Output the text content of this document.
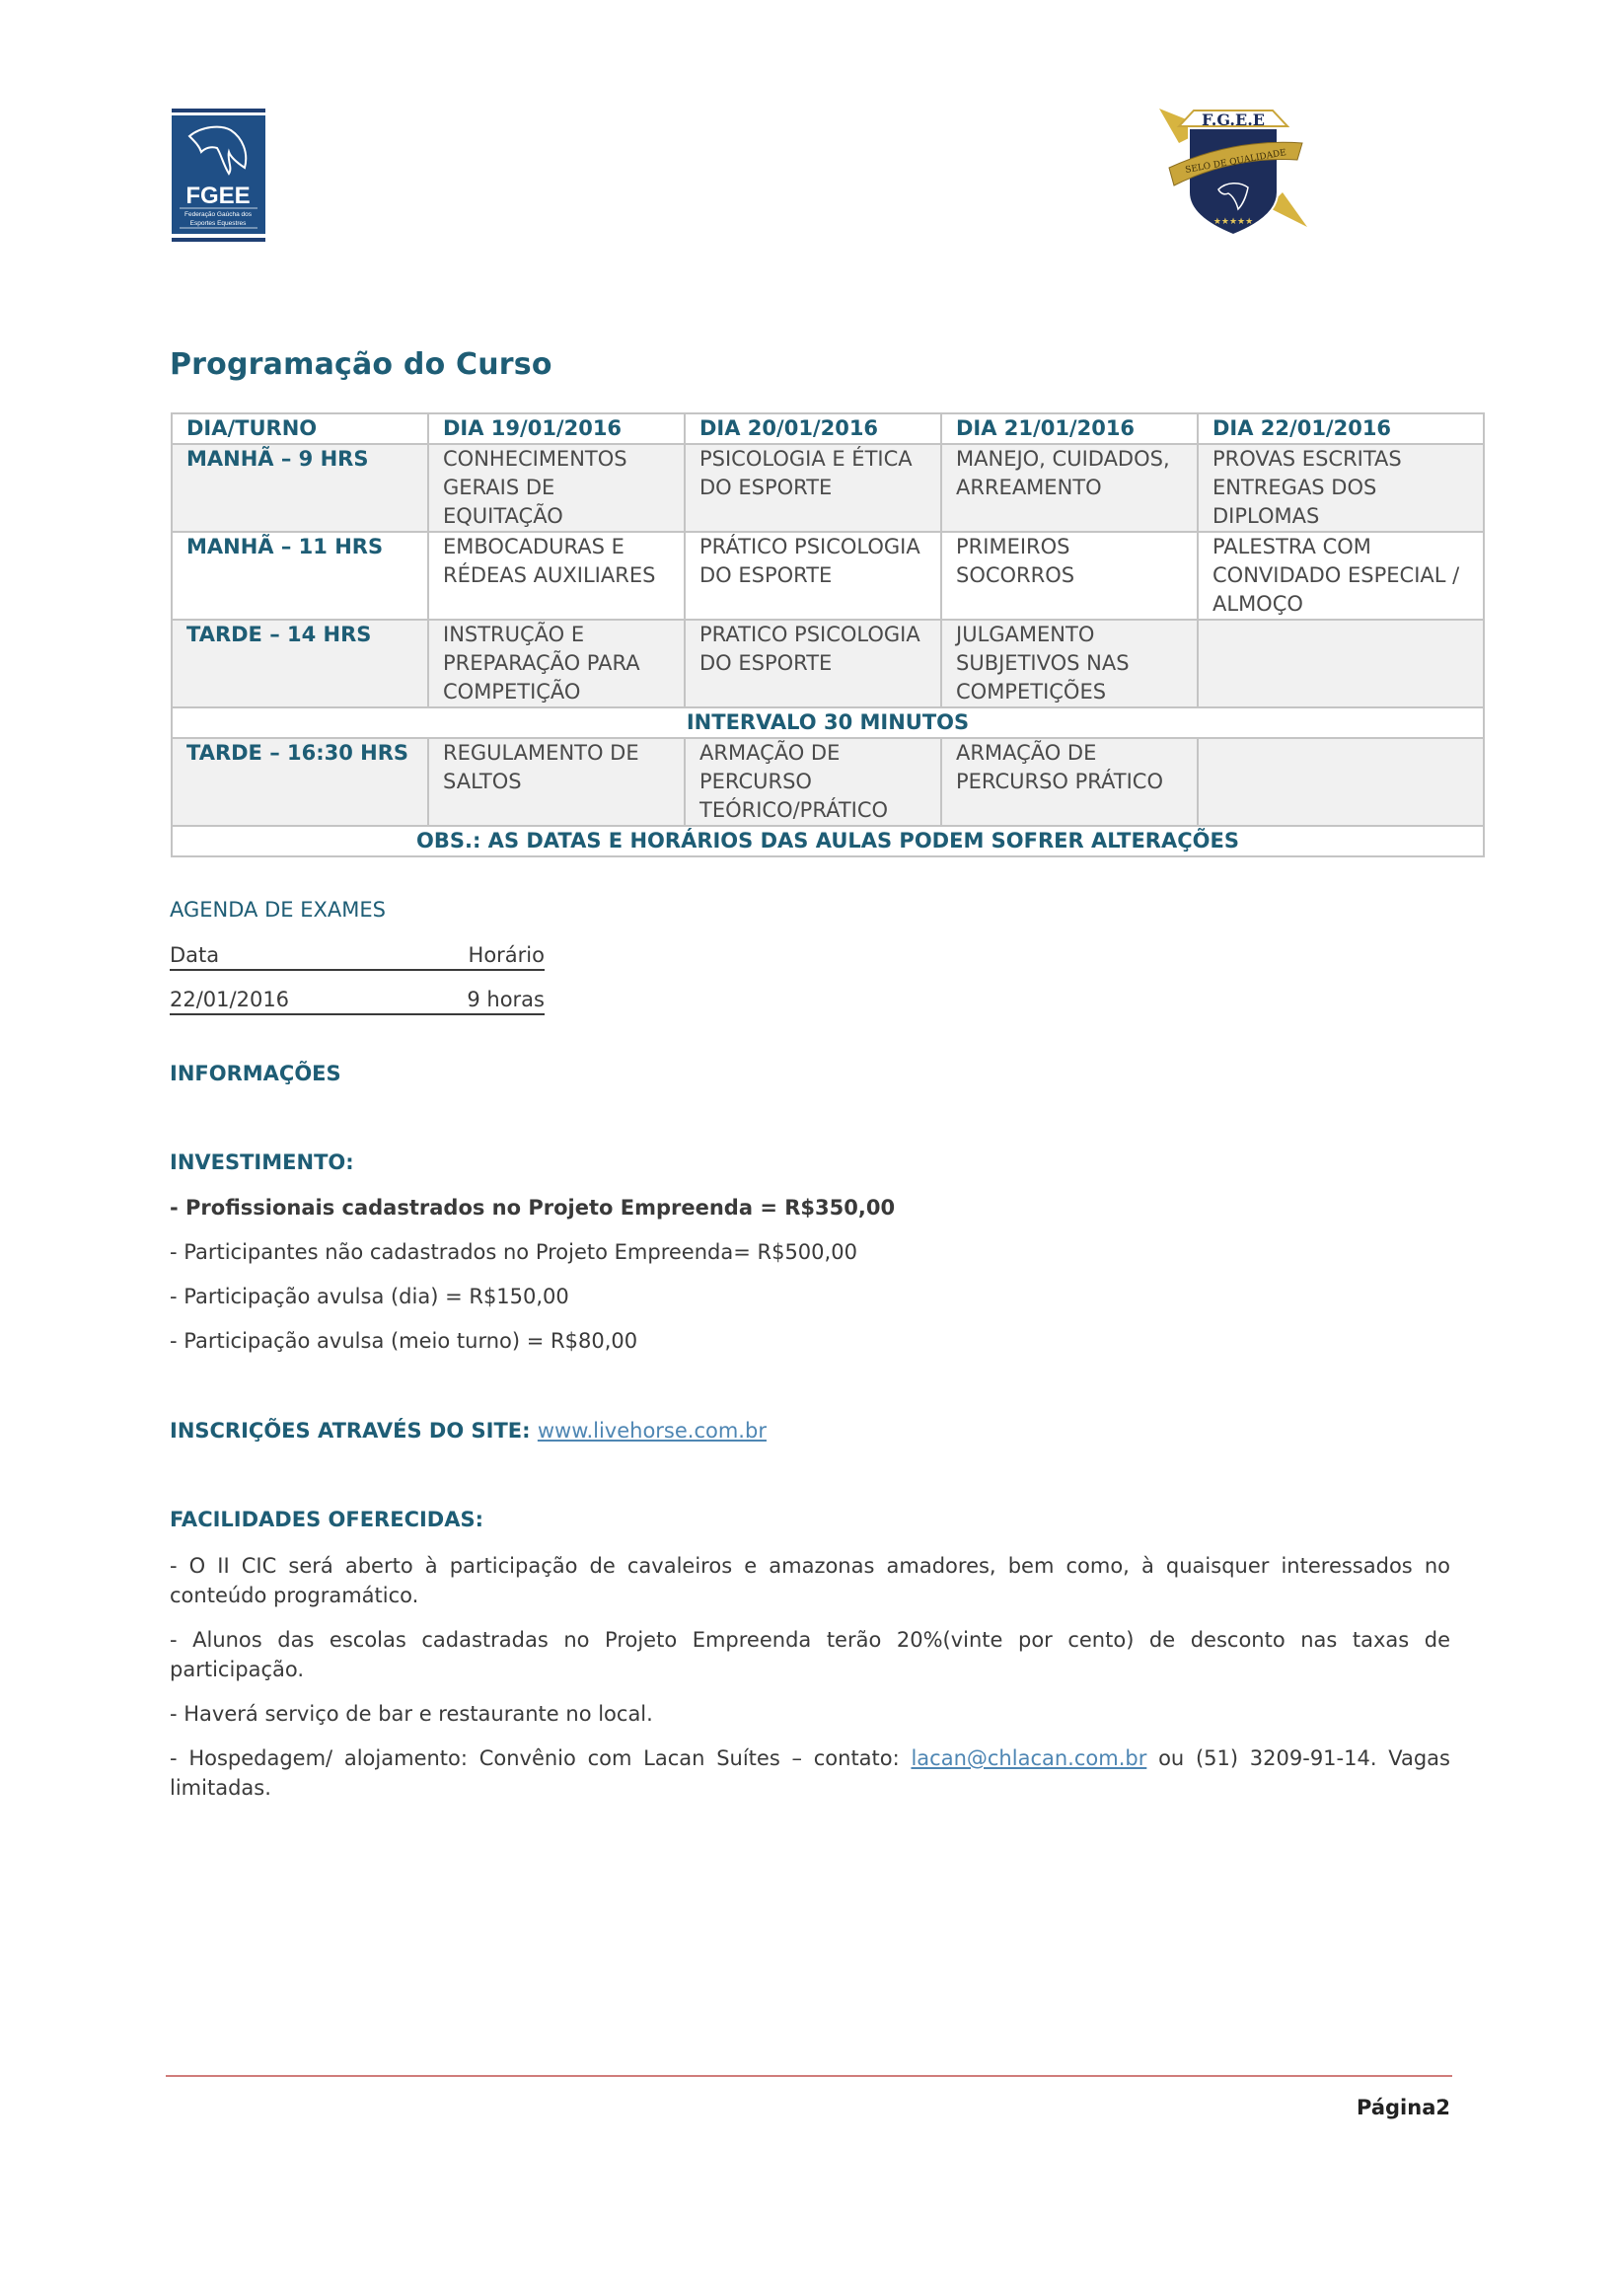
FGEE
Federação Gaúcha dos
Esportes Equestres
F.G.E.E
SELO DE QUALIDADE
★★★★★
Programação do Curso
DIA/TURNO	DIA 19/01/2016	DIA 20/01/2016	DIA 21/01/2016	DIA 22/01/2016
MANHÃ – 9 HRS	CONHECIMENTOS GERAIS DE EQUITAÇÃO	PSICOLOGIA E ÉTICA DO ESPORTE	MANEJO, CUIDADOS, ARREAMENTO	PROVAS ESCRITAS ENTREGAS DOS DIPLOMAS
MANHÃ – 11 HRS	EMBOCADURAS E RÉDEAS AUXILIARES	PRÁTICO PSICOLOGIA DO ESPORTE	PRIMEIROS SOCORROS	PALESTRA COM CONVIDADO ESPECIAL / ALMOÇO
TARDE – 14 HRS	INSTRUÇÃO E PREPARAÇÃO PARA COMPETIÇÃO	PRATICO PSICOLOGIA DO ESPORTE	JULGAMENTO SUBJETIVOS NAS COMPETIÇÕES	
INTERVALO 30 MINUTOS				
TARDE – 16:30 HRS	REGULAMENTO DE SALTOS	ARMAÇÃO DE PERCURSO TEÓRICO/PRÁTICO	ARMAÇÃO DE PERCURSO PRÁTICO	
OBS.: AS DATAS E HORÁRIOS DAS AULAS PODEM SOFRER ALTERAÇÕES				
AGENDA DE EXAMES
Data	Horário
22/01/2016	9 horas
INFORMAÇÕES
INVESTIMENTO:
- Profissionais cadastrados no Projeto Empreenda = R$350,00
- Participantes não cadastrados no Projeto Empreenda= R$500,00
- Participação avulsa (dia) = R$150,00
- Participação avulsa (meio turno) = R$80,00
INSCRIÇÕES ATRAVÉS DO SITE: www.livehorse.com.br
FACILIDADES OFERECIDAS:
- O II CIC será aberto à participação de cavaleiros e amazonas amadores, bem como, à quaisquer interessados no conteúdo programático.
- Alunos das escolas cadastradas no Projeto Empreenda terão 20%(vinte por cento) de desconto nas taxas de participação.
- Haverá serviço de bar e restaurante no local.
- Hospedagem/ alojamento: Convênio com Lacan Suítes – contato: lacan@chlacan.com.br ou (51) 3209-91-14. Vagas limitadas.
Página2
